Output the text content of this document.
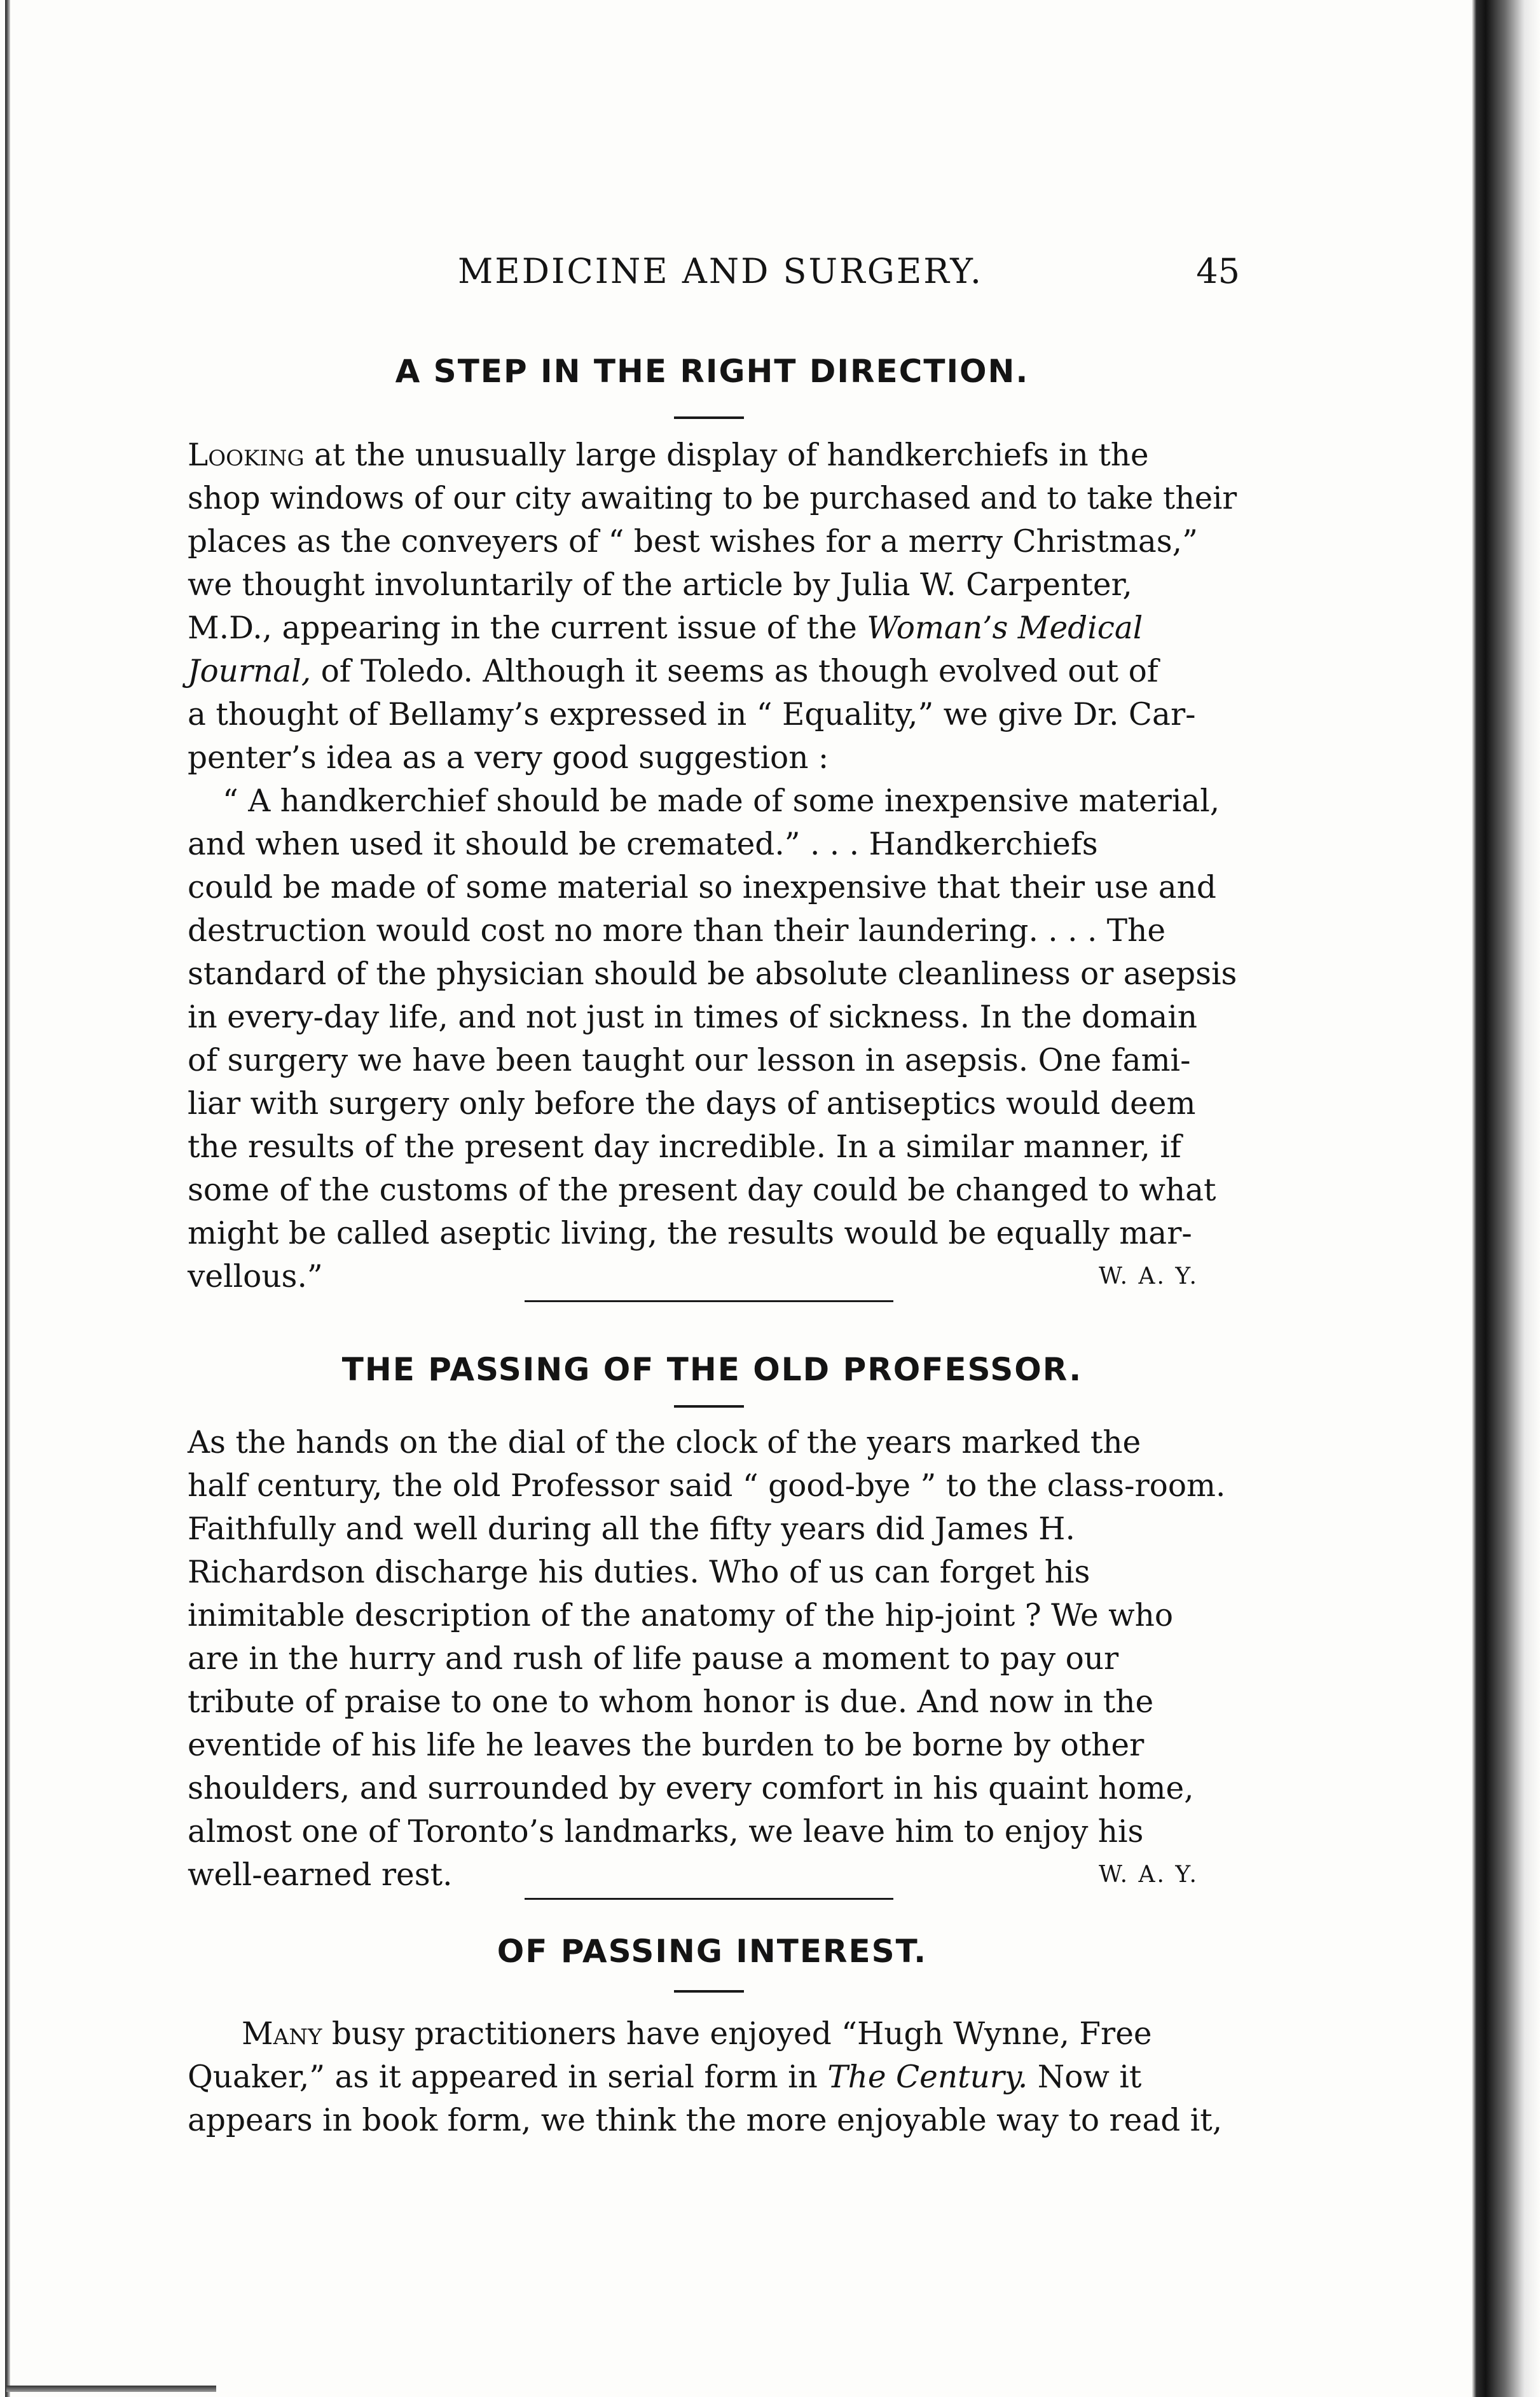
MEDICINE AND SURGERY.	45
A STEP IN THE RIGHT DIRECTION.
Looking at the unusually large display of handkerchiefs in the
shop windows of our city awaiting to be purchased and to take their
places as the conveyers of “ best wishes for a merry Christmas,”
we thought involuntarily of the article by Julia W. Carpenter,
M.D., appearing in the current issue of the Woman’s Medical
Journal, of Toledo. Although it seems as though evolved out of
a thought of Bellamy’s expressed in “ Equality,” we give Dr. Car-
penter’s idea as a very good suggestion :
“ A handkerchief should be made of some inexpensive material,
and when used it should be cremated.” . . . Handkerchiefs
could be made of some material so inexpensive that their use and
destruction would cost no more than their laundering. . . . The
standard of the physician should be absolute cleanliness or asepsis
in every-day life, and not just in times of sickness. In the domain
of surgery we have been taught our lesson in asepsis. One fami-
liar with surgery only before the days of antiseptics would deem
the results of the present day incredible. In a similar manner, if
some of the customs of the present day could be changed to what
might be called aseptic living, the results would be equally mar-
vellous.”	W. A. Y.
THE PASSING OF THE OLD PROFESSOR.
As the hands on the dial of the clock of the years marked the
half century, the old Professor said “ good-bye ” to the class-room.
Faithfully and well during all the fifty years did James H.
Richardson discharge his duties. Who of us can forget his
inimitable description of the anatomy of the hip-joint ? We who
are in the hurry and rush of life pause a moment to pay our
tribute of praise to one to whom honor is due. And now in the
eventide of his life he leaves the burden to be borne by other
shoulders, and surrounded by every comfort in his quaint home,
almost one of Toronto’s landmarks, we leave him to enjoy his
well-earned rest.	W. A. Y.
OF PASSING INTEREST.
Many busy practitioners have enjoyed “Hugh Wynne, Free
Quaker,” as it appeared in serial form in The Century. Now it
appears in book form, we think the more enjoyable way to read it,
